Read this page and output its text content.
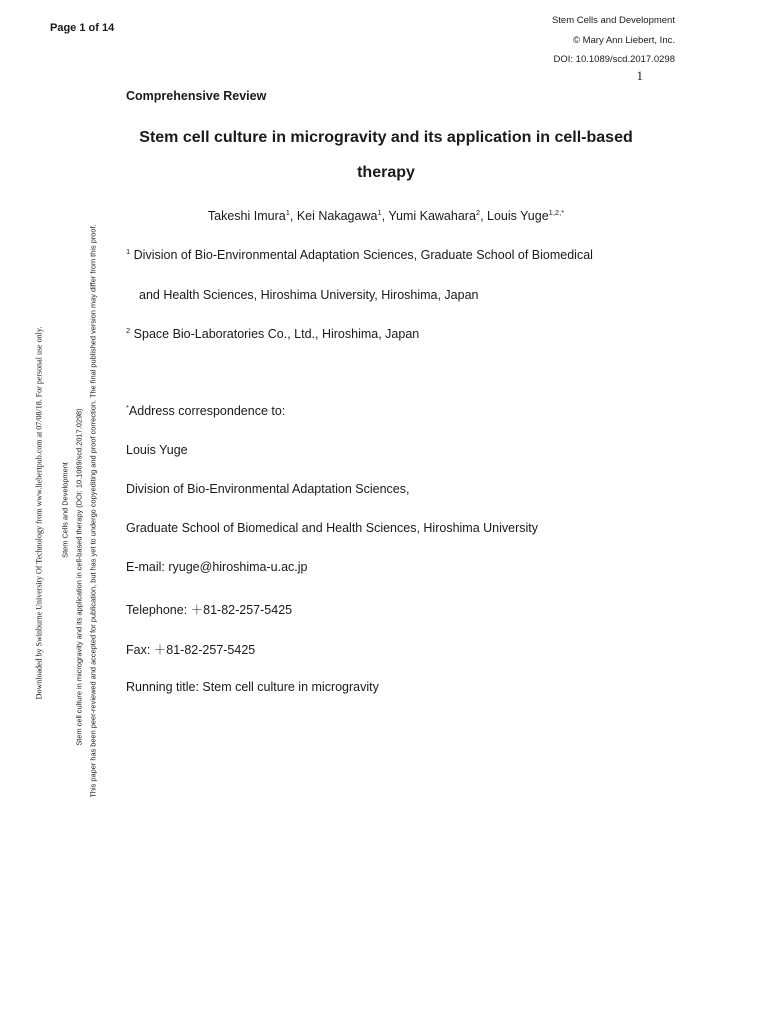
Page 1 of 14
Stem Cells and Development
© Mary Ann Liebert, Inc.
DOI: 10.1089/scd.2017.0298
1
Downloaded by Swinburne University Of Technology from www.liebertpub.com at 07/08/18. For personal use only. Stem Cells and Development Stem cell culture in microgravity and its application in cell-based therapy (DOI: 10.1089/scd.2017.0298) This paper has been peer-reviewed and accepted for publication, but has yet to undergo copyediting and proof correction. The final published version may differ from this proof.
Comprehensive Review
Stem cell culture in microgravity and its application in cell-based
therapy
Takeshi Imura$^1$, Kei Nakagawa$^1$, Yumi Kawahara$^2$, Louis Yuge$^{1,2,*}$
$^1$ Division of Bio-Environmental Adaptation Sciences, Graduate School of Biomedical
and Health Sciences, Hiroshima University, Hiroshima, Japan
$^2$ Space Bio-Laboratories Co., Ltd., Hiroshima, Japan
*Address correspondence to:
Louis Yuge
Division of Bio-Environmental Adaptation Sciences,
Graduate School of Biomedical and Health Sciences, Hiroshima University
E-mail: ryuge@hiroshima-u.ac.jp
Telephone: ＋81-82-257-5425
Fax: ＋81-82-257-5425
Running title: Stem cell culture in microgravity
